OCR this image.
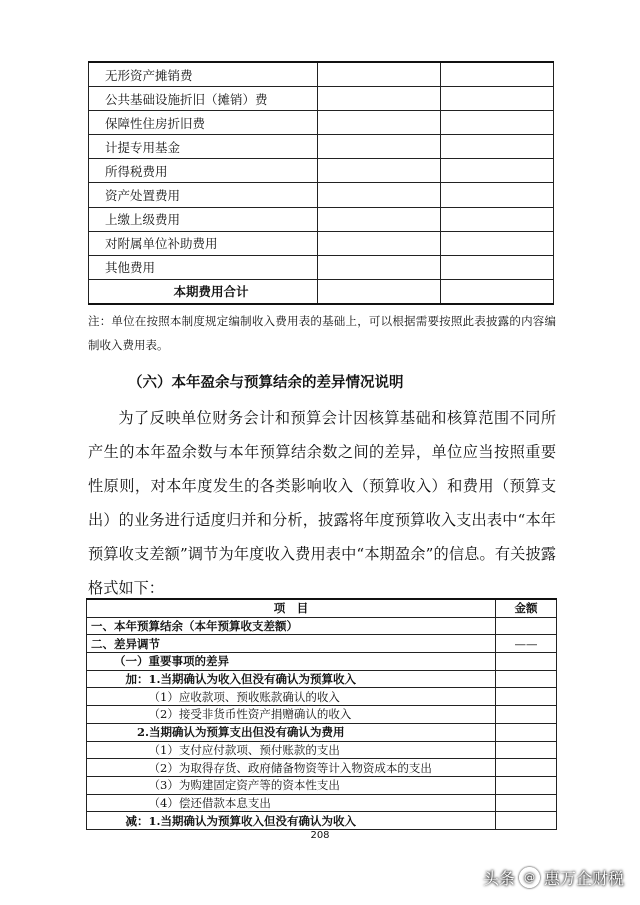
无形资产摊销费		
公共基础设施折旧（摊销）费		
保障性住房折旧费		
计提专用基金		
所得税费用		
资产处置费用		
上缴上级费用		
对附属单位补助费用		
其他费用		
本期费用合计		

注：单位在按照本制度规定编制收入费用表的基础上，可以根据需要按照此表披露的内容编制收入费用表。

（六）本年盈余与预算结余的差异情况说明

为了反映单位财务会计和预算会计因核算基础和核算范围不同所产生的本年盈余数与本年预算结余数之间的差异，单位应当按照重要性原则，对本年度发生的各类影响收入（预算收入）和费用（预算支出）的业务进行适度归并和分析，披露将年度预算收入支出表中“本年预算收支差额”调节为年度收入费用表中“本期盈余”的信息。有关披露格式如下：

项　目	金额
一、本年预算结余（本年预算收支差额）	
二、差异调节	——
（一）重要事项的差异	
加：1.当期确认为收入但没有确认为预算收入	
（1）应收款项、预收账款确认的收入	
（2）接受非货币性资产捐赠确认的收入	
2.当期确认为预算支出但没有确认为费用	
（1）支付应付款项、预付账款的支出	
（2）为取得存货、政府储备物资等计入物资成本的支出	
（3）为购建固定资产等的资本性支出	
（4）偿还借款本息支出	
减：1.当期确认为预算收入但没有确认为收入	

208

头条 @ 惠万企财税
